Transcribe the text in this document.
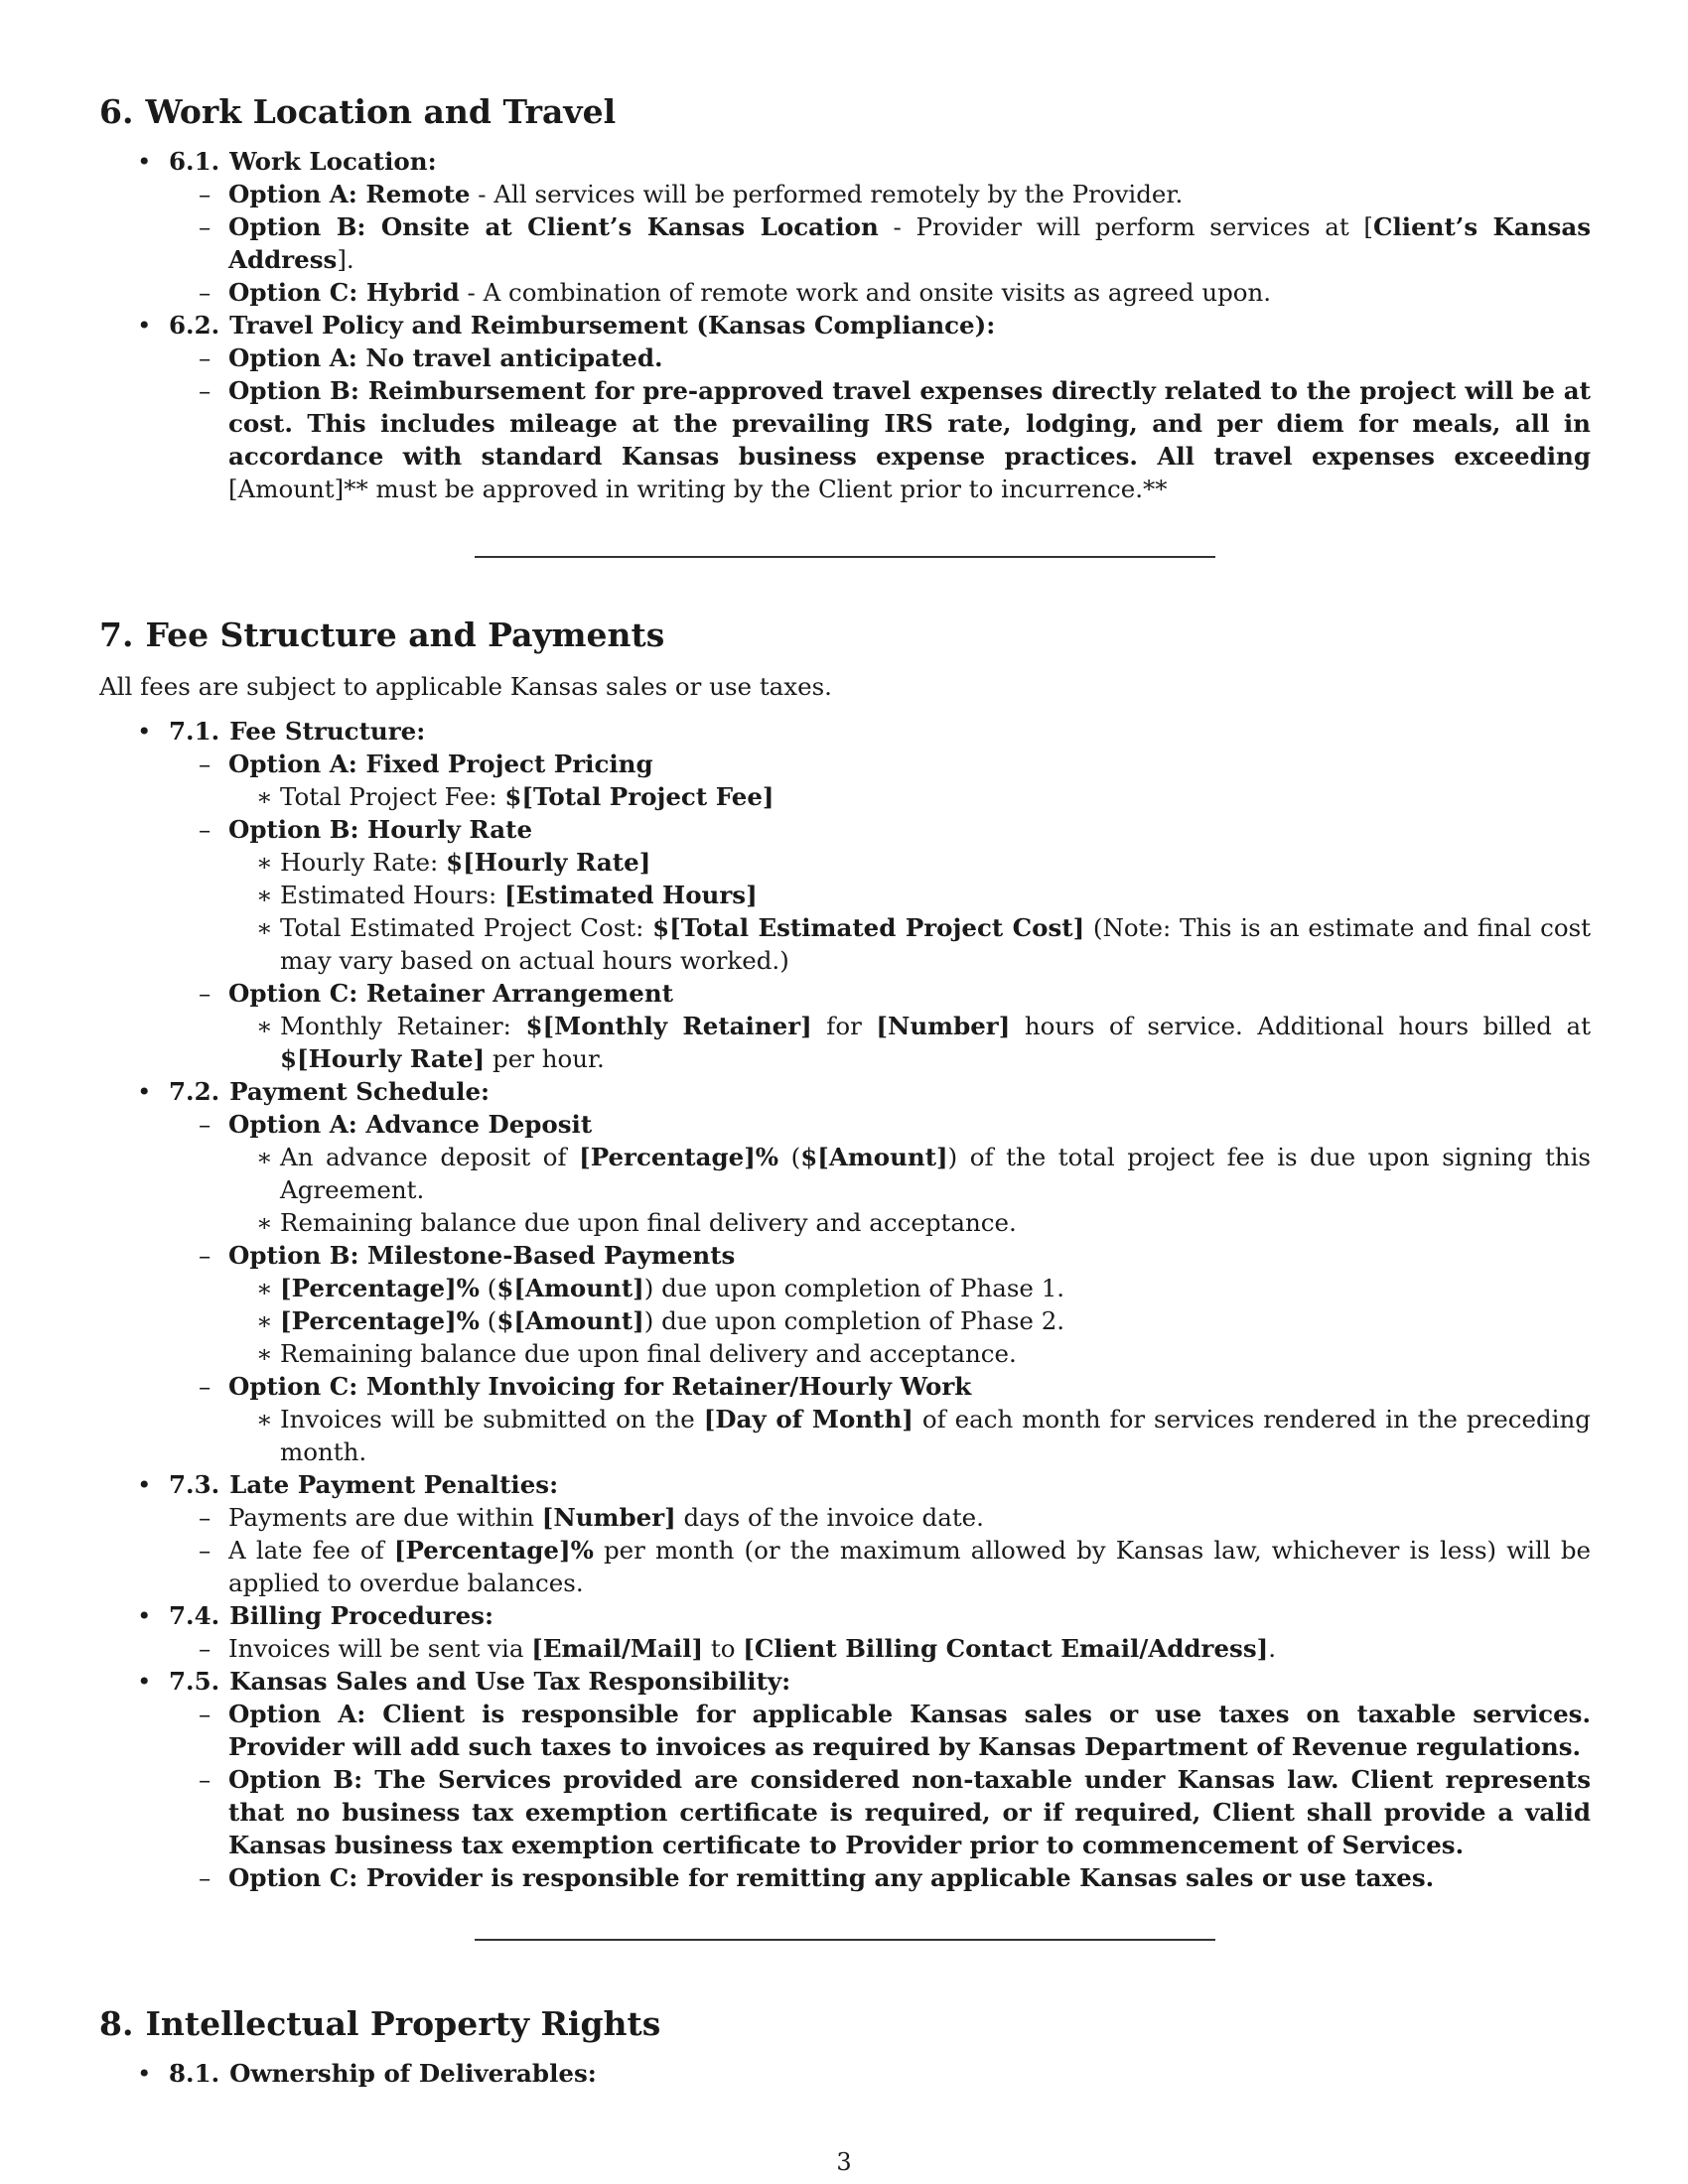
6. Work Location and Travel
• 6.1. Work Location:
– Option A: Remote - All services will be performed remotely by the Provider.
– Option B: Onsite at Client’s Kansas Location - Provider will perform services at [Client’s Kansas Address].
– Option C: Hybrid - A combination of remote work and onsite visits as agreed upon.
• 6.2. Travel Policy and Reimbursement (Kansas Compliance):
– Option A: No travel anticipated.
– Option B: Reimbursement for pre-approved travel expenses directly related to the project will be at cost. This includes mileage at the prevailing IRS rate, lodging, and per diem for meals, all in accordance with standard Kansas business expense practices. All travel expenses exceeding [Amount]** must be approved in writing by the Client prior to incurrence.**
7. Fee Structure and Payments

All fees are subject to applicable Kansas sales or use taxes.

• 7.1. Fee Structure:
– Option A: Fixed Project Pricing
∗ Total Project Fee: $[Total Project Fee]
– Option B: Hourly Rate
∗ Hourly Rate: $[Hourly Rate]
∗ Estimated Hours: [Estimated Hours]
∗ Total Estimated Project Cost: $[Total Estimated Project Cost] (Note: This is an estimate and final cost may vary based on actual hours worked.)
– Option C: Retainer Arrangement
∗ Monthly Retainer: $[Monthly Retainer] for [Number] hours of service. Additional hours billed at $[Hourly Rate] per hour.
• 7.2. Payment Schedule:
– Option A: Advance Deposit
∗ An advance deposit of [Percentage]% ($[Amount]) of the total project fee is due upon signing this Agreement.
∗ Remaining balance due upon final delivery and acceptance.
– Option B: Milestone-Based Payments
∗ [Percentage]% ($[Amount]) due upon completion of Phase 1.
∗ [Percentage]% ($[Amount]) due upon completion of Phase 2.
∗ Remaining balance due upon final delivery and acceptance.
– Option C: Monthly Invoicing for Retainer/Hourly Work
∗ Invoices will be submitted on the [Day of Month] of each month for services rendered in the preceding month.
• 7.3. Late Payment Penalties:
– Payments are due within [Number] days of the invoice date.
– A late fee of [Percentage]% per month (or the maximum allowed by Kansas law, whichever is less) will be applied to overdue balances.
• 7.4. Billing Procedures:
– Invoices will be sent via [Email/Mail] to [Client Billing Contact Email/Address].
• 7.5. Kansas Sales and Use Tax Responsibility:
– Option A: Client is responsible for applicable Kansas sales or use taxes on taxable services. Provider will add such taxes to invoices as required by Kansas Department of Revenue regulations.
– Option B: The Services provided are considered non-taxable under Kansas law. Client represents that no business tax exemption certificate is required, or if required, Client shall provide a valid Kansas business tax exemption certificate to Provider prior to commencement of Services.
– Option C: Provider is responsible for remitting any applicable Kansas sales or use taxes.
8. Intellectual Property Rights
• 8.1. Ownership of Deliverables:
3
